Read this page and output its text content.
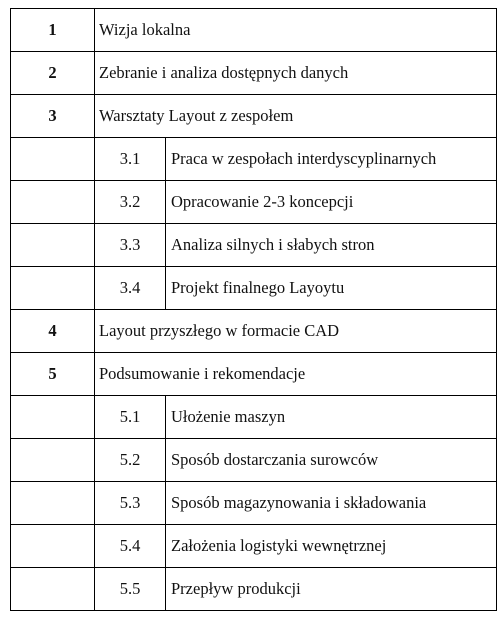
1	Wizja lokalna	
2	Zebranie i analiza dostępnych danych	
3	Warsztaty Layout z zespołem	
	3.1	Praca w zespołach interdyscyplinarnych
	3.2	Opracowanie 2-3 koncepcji
	3.3	Analiza silnych i słabych stron
	3.4	Projekt finalnego Layoytu
4	Layout przyszłego w formacie CAD	
5	Podsumowanie i rekomendacje	
	5.1	Ułożenie maszyn
	5.2	Sposób dostarczania surowców
	5.3	Sposób magazynowania i składowania
	5.4	Założenia logistyki wewnętrznej
	5.5	Przepływ produkcji
